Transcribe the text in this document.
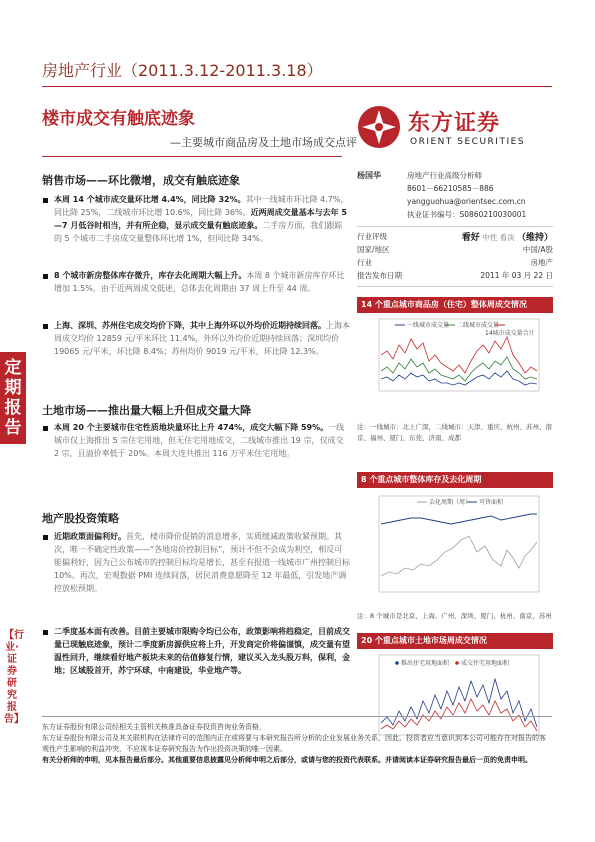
定期报告
【行业·证券研究报告】
房地产行业（2011.3.12-2011.3.18）
楼市成交有触底迹象
—主要城市商品房及土地市场成交点评
东方证券
ORIENT SECURITIES
销售市场——环比微增，成交有触底迹象
本周 14 个城市成交量环比增 4.4%，同比降 32%。其中一线城市环比降 4.7%，同比降 25%，二线城市环比增 10.6%，同比降 36%。近两周成交量基本与去年 5—7 月低谷时相当，并有所企稳，显示成交量有触底迹象。二手房方面，我们跟踪的 5 个城市二手房成交量整体环比增 1%，但同比降 34%。
8 个城市新房整体库存微升，库存去化周期大幅上升。本周 8 个城市新房库存环比增加 1.5%，由于近两周成交低迷，总体去化周期由 37 周上升至 44 周。
上海、深圳、苏州住宅成交均价下降，其中上海外环以外均价近期持续回落。上海本周成交均价 12859 元/平米环比 11.4%，外环以外均价近期持续回落；深圳均价 19065 元/平米，环比降 8.4%；苏州均价 9019 元/平米，环比降 12.3%。
土地市场——推出量大幅上升但成交量大降
本周 20 个主要城市住宅性质地块量环比上升 474%，成交大幅下降 59%。一线城市仅上海推出 5 宗住宅用地，但无住宅用地成交，二线城市推出 19 宗，仅成交 2 宗，且溢价率低于 20%。本周大连共推出 116 万平米住宅用地。
地产股投资策略
近期政策面偏利好。首先，楼市降价促销的消息增多，实质缓减政策收紧预期。其次，唯一不确定性政策——“各地房价控制目标”，预计不但不会成为利空，相反可能偏利好，因为已公布城市的控制目标均是增长，甚至有报道一线城市广州控制目标 10%。再次，宏观数据 PMI 连续间落，居民消费意愿降至 12 年最低，引发地产调控放松预期。
二季度基本面有改善。目前主要城市限购令均已公布，政策影响将趋稳定，目前成交量已现触底迹象，预计二季度新房源供应将上升，开发商定价将偏谨慎，成交量有望温性回升，继续看好地产板块未来的估值修复行情，建议买入龙头股万科，保利，金地；区域股首开，苏宁环球，中南建设，华业地产等。
杨国华	房地产行业高级分析师
8601－66210585－886
yangguohua@orientsec.com.cn
执业证书编号：S0860210030001
行业评级	看好 中性 看淡 （维持）
国家/地区	中国/A股
行业	房地产
报告发布日期	2011 年 03 月 22 日
14 个重点城市商品房（住宅）整体周成交情况
一线城市成交量 二线城市成交量
14城市成交量合计
注：一线城市：北上广深，二线城市：天津、重庆、杭州、苏州、南京、福州、厦门、东莞、济南、成都
8 个重点城市整体库存及去化周期
去化周期（周） 可售面积
注：8 个城市是北京、上海、广州、深圳、厦门、杭州、南京、苏州
20 个重点城市土地市场周成交情况
推出住宅用地面积 成交住宅用地面积
东方证券股份有限公司经相关主管机关核准具备证券投资咨询业务资格，
东方证券股份有限公司及其关联机构在法律许可的范围内正在或将要与本研究报告所分析的企业发展业务关系，因此，投资者应当意识到本公司可能存在对报告的客观性产生影响的利益冲突，不应视本证券研究报告为作出投资决策的唯一因素。
有关分析师的申明，见本报告最后部分。其他重要信息披露见分析师申明之后部分，或请与您的投资代表联系。并请阅读本证券研究报告最后一页的免责申明。
